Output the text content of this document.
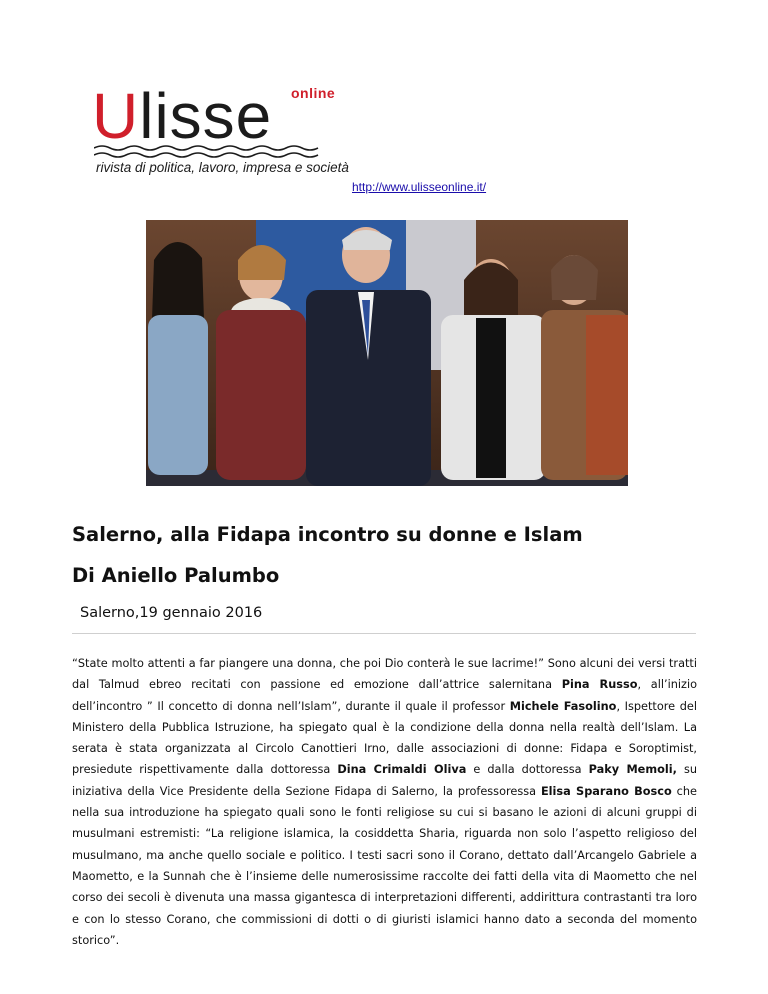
online
Ulisse
rivista di politica, lavoro, impresa e società
http://www.ulisseonline.it/
Salerno, alla Fidapa incontro su donne e Islam
Di Aniello Palumbo
Salerno,19 gennaio 2016
“State molto attenti a far piangere una donna, che poi Dio conterà le sue lacrime!” Sono alcuni dei versi tratti dal Talmud ebreo recitati con passione ed emozione dall’attrice salernitana Pina Russo, all’inizio dell’incontro ” Il concetto di donna nell’Islam”, durante il quale il professor Michele Fasolino, Ispettore del Ministero della Pubblica Istruzione, ha spiegato qual è la condizione della donna nella realtà dell’Islam. La serata è stata organizzata al Circolo Canottieri Irno, dalle associazioni di donne: Fidapa e Soroptimist, presiedute rispettivamente dalla dottoressa Dina Crimaldi Oliva e dalla dottoressa Paky Memoli, su iniziativa della Vice Presidente della Sezione Fidapa di Salerno, la professoressa Elisa Sparano Bosco che nella sua introduzione ha spiegato quali sono le fonti religiose su cui si basano le azioni di alcuni gruppi di musulmani estremisti: “La religione islamica, la cosiddetta Sharia, riguarda non solo l’aspetto religioso del musulmano, ma anche quello sociale e politico. I testi sacri sono il Corano, dettato dall’Arcangelo Gabriele a Maometto, e la Sunnah che è l’insieme delle numerosissime raccolte dei fatti della vita di Maometto che nel corso dei secoli è divenuta una massa gigantesca di interpretazioni differenti, addirittura contrastanti tra loro e con lo stesso Corano, che commissioni di dotti o di giuristi islamici hanno dato a seconda del momento storico”.
